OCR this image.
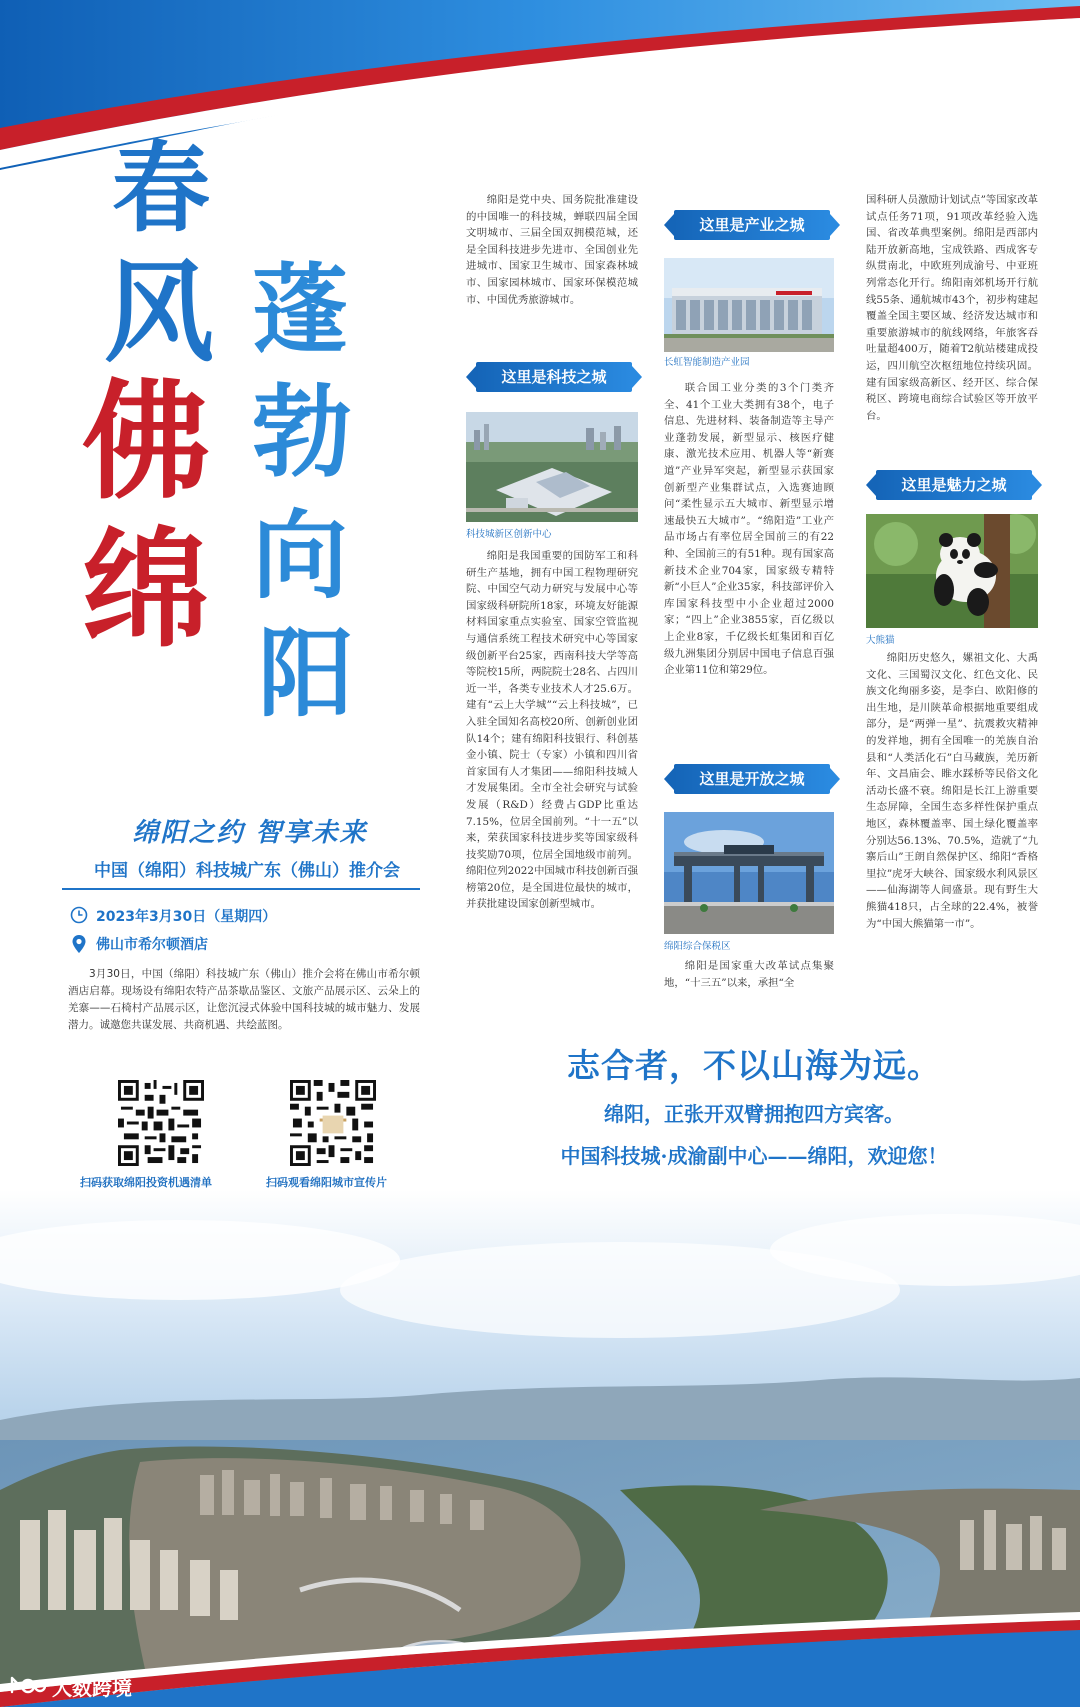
春
风
佛
绵
蓬
勃
向
阳
绵阳之约 智享未来
中国（绵阳）科技城广东（佛山）推介会
2023年3月30日（星期四）
佛山市希尔顿酒店

3月30日，中国（绵阳）科技城广东（佛山）推介会将在佛山市希尔顿酒店启幕。现场设有绵阳农特产品茶歇品鉴区、文旅产品展示区、云朵上的羌寨——石椅村产品展示区，让您沉浸式体验中国科技城的城市魅力、发展潜力。诚邀您共谋发展、共商机遇、共绘蓝图。

扫码获取绵阳投资机遇清单	扫码观看绵阳城市宣传片

绵阳是党中央、国务院批准建设的中国唯一的科技城，蝉联四届全国文明城市、三届全国双拥模范城，还是全国科技进步先进市、全国创业先进城市、国家卫生城市、国家森林城市、国家园林城市、国家环保模范城市、中国优秀旅游城市。

这里是科技之城
科技城新区创新中心

绵阳是我国重要的国防军工和科研生产基地，拥有中国工程物理研究院、中国空气动力研究与发展中心等国家级科研院所18家，环境友好能源材料国家重点实验室、国家空管监视与通信系统工程技术研究中心等国家级创新平台25家，西南科技大学等高等院校15所，两院院士28名、占四川近一半，各类专业技术人才25.6万。建有“云上大学城”“云上科技城”，已入驻全国知名高校20所、创新创业团队14个；建有绵阳科技银行、科创基金小镇、院士（专家）小镇和四川省首家国有人才集团——绵阳科技城人才发展集团。全市全社会研究与试验发展（R&D）经费占GDP比重达7.15%，位居全国前列。“十一五”以来，荣获国家科技进步奖等国家级科技奖励70项，位居全国地级市前列。绵阳位列2022中国城市科技创新百强榜第20位，是全国进位最快的城市，并获批建设国家创新型城市。

这里是产业之城
长虹智能制造产业园

联合国工业分类的3个门类齐全、41个工业大类拥有38个，电子信息、先进材料、装备制造等主导产业蓬勃发展，新型显示、核医疗健康、激光技术应用、机器人等“新赛道”产业异军突起，新型显示获国家创新型产业集群试点，入选赛迪顾问“柔性显示五大城市、新型显示增速最快五大城市”。“绵阳造”工业产品市场占有率位居全国前三的有22种、全国前三的有51种。现有国家高新技术企业704家，国家级专精特新“小巨人”企业35家，科技部评价入库国家科技型中小企业超过2000家；“四上”企业3855家，百亿级以上企业8家，千亿级长虹集团和百亿级九洲集团分别居中国电子信息百强企业第11位和第29位。

这里是开放之城
绵阳综合保税区

绵阳是国家重大改革试点集聚地，“十三五”以来，承担“全

国科研人员激励计划试点”等国家改革试点任务71项，91项改革经验入选国、省改革典型案例。绵阳是西部内陆开放新高地，宝成铁路、西成客专纵贯南北，中欧班列成渝号、中亚班列常态化开行。绵阳南郊机场开行航线55条、通航城市43个，初步构建起覆盖全国主要区域、经济发达城市和重要旅游城市的航线网络，年旅客吞吐量超400万，随着T2航站楼建成投运，四川航空次枢纽地位持续巩固。建有国家级高新区、经开区、综合保税区、跨境电商综合试验区等开放平台。

这里是魅力之城
大熊猫

绵阳历史悠久，嫘祖文化、大禹文化、三国蜀汉文化、红色文化、民族文化绚丽多姿，是李白、欧阳修的出生地，是川陕革命根据地重要组成部分，是“两弹一星”、抗震救灾精神的发祥地，拥有全国唯一的羌族自治县和“人类活化石”白马藏族，羌历新年、文昌庙会、睢水踩桥等民俗文化活动长盛不衰。绵阳是长江上游重要生态屏障，全国生态多样性保护重点地区，森林覆盖率、国土绿化覆盖率分别达56.13%、70.5%，造就了“九寨后山”王朗自然保护区、绵阳“香格里拉”虎牙大峡谷、国家级水利风景区——仙海湖等人间盛景。现有野生大熊猫418只，占全球的22.4%，被誉为“中国大熊猫第一市”。

志合者，不以山海为远。
绵阳，正张开双臂拥抱四方宾客。
中国科技城·成渝副中心——绵阳，欢迎您！
大数跨境
